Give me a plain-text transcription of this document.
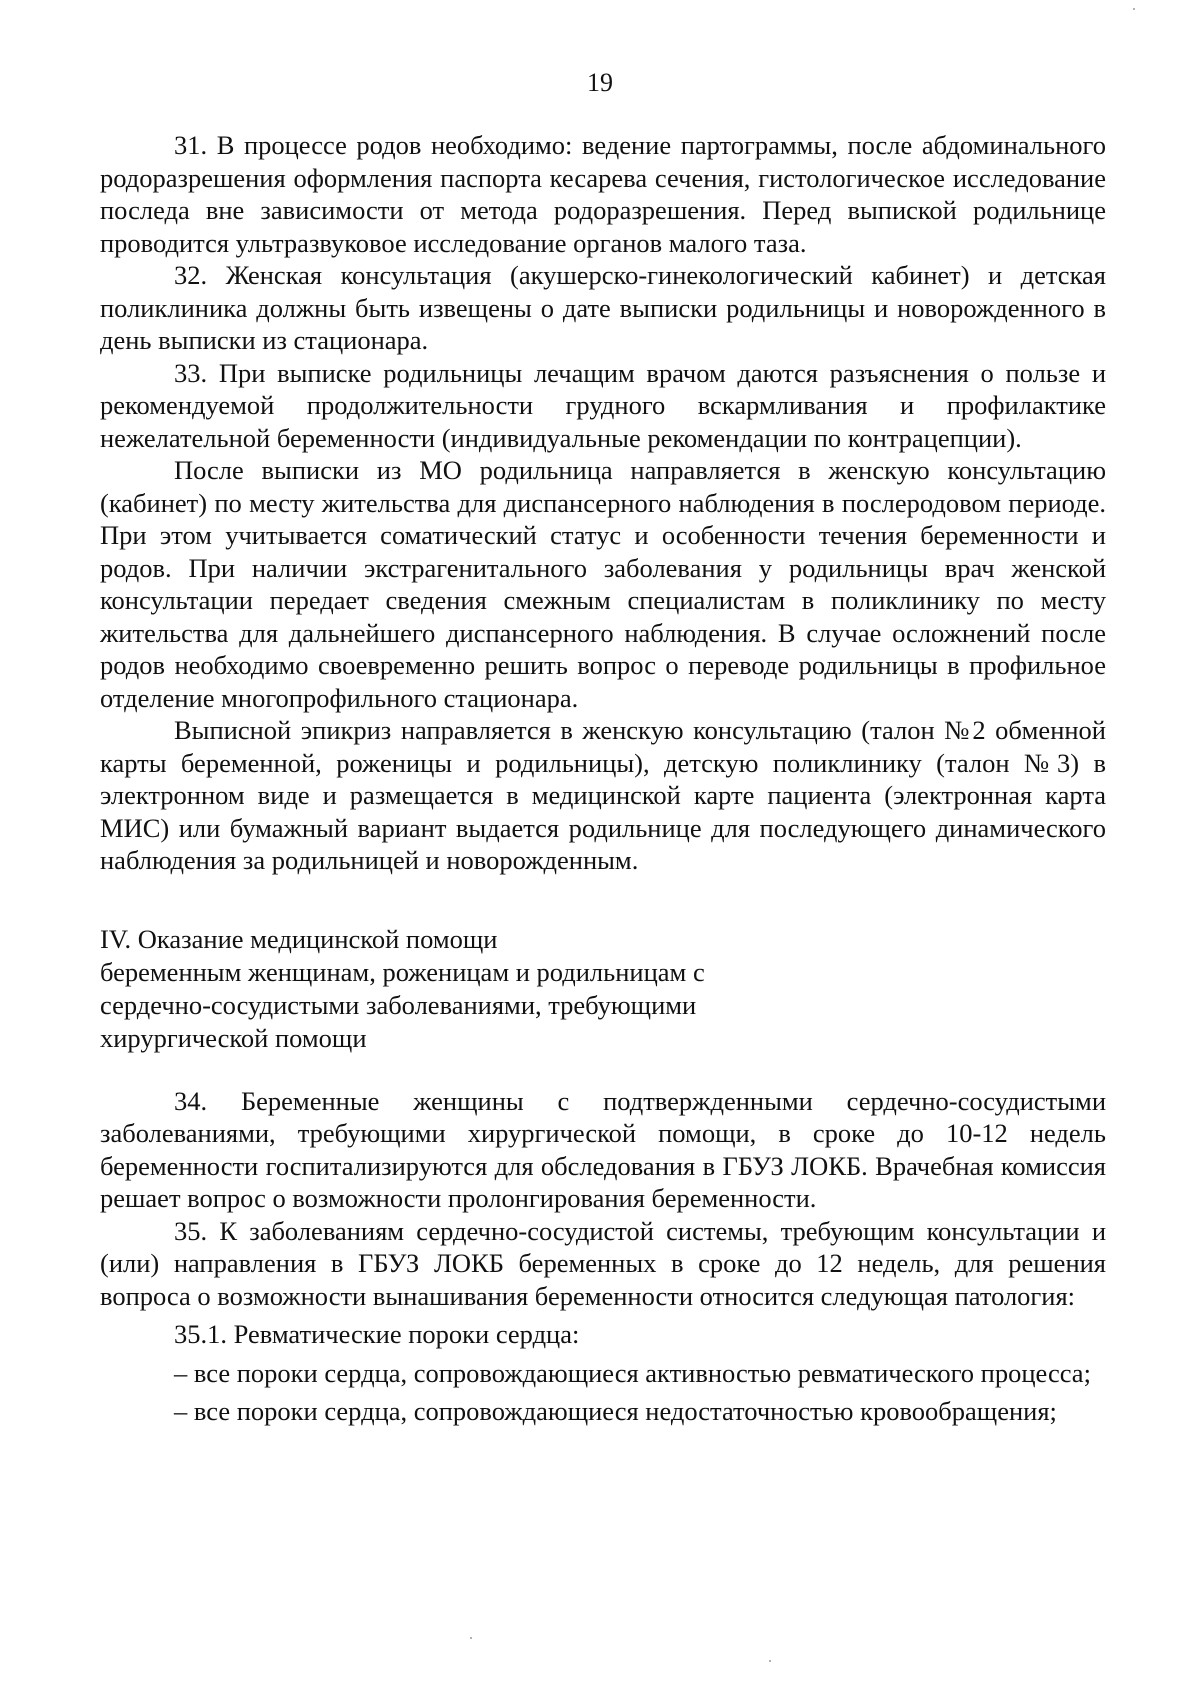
19

31. В процессе родов необходимо: ведение партограммы, после абдоминального родоразрешения оформления паспорта кесарева сечения, гистологическое исследование последа вне зависимости от метода родоразрешения. Перед выпиской родильнице проводится ультразвуковое исследование органов малого таза.

32. Женская консультация (акушерско-гинекологический кабинет) и детская поликлиника должны быть извещены о дате выписки родильницы и новорожденного в день выписки из стационара.

33. При выписке родильницы лечащим врачом даются разъяснения о пользе и рекомендуемой продолжительности грудного вскармливания и профилактике нежелательной беременности (индивидуальные рекомендации по контрацепции).

После выписки из МО родильница направляется в женскую консультацию (кабинет) по месту жительства для диспансерного наблюдения в послеродовом периоде. При этом учитывается соматический статус и особенности течения беременности и родов. При наличии экстрагенитального заболевания у родильницы врач женской консультации передает сведения смежным специалистам в поликлинику по месту жительства для дальнейшего диспансерного наблюдения. В случае осложнений после родов необходимо своевременно решить вопрос о переводе родильницы в профильное отделение многопрофильного стационара.

Выписной эпикриз направляется в женскую консультацию (талон №2 обменной карты беременной, роженицы и родильницы), детскую поликлинику (талон №3) в электронном виде и размещается в медицинской карте пациента (электронная карта МИС) или бумажный вариант выдается родильнице для последующего динамического наблюдения за родильницей и новорожденным.

IV. Оказание медицинской помощи
беременным женщинам, роженицам и родильницам с
сердечно-сосудистыми заболеваниями, требующими
хирургической помощи

34. Беременные женщины с подтвержденными сердечно-сосудистыми заболеваниями, требующими хирургической помощи, в сроке до 10-12 недель беременности госпитализируются для обследования в ГБУЗ ЛОКБ. Врачебная комиссия решает вопрос о возможности пролонгирования беременности.

35. К заболеваниям сердечно-сосудистой системы, требующим консультации и (или) направления в ГБУЗ ЛОКБ беременных в сроке до 12 недель, для решения вопроса о возможности вынашивания беременности относится следующая патология:

35.1. Ревматические пороки сердца:

– все пороки сердца, сопровождающиеся активностью ревматического процесса;

– все пороки сердца, сопровождающиеся недостаточностью кровообращения;
